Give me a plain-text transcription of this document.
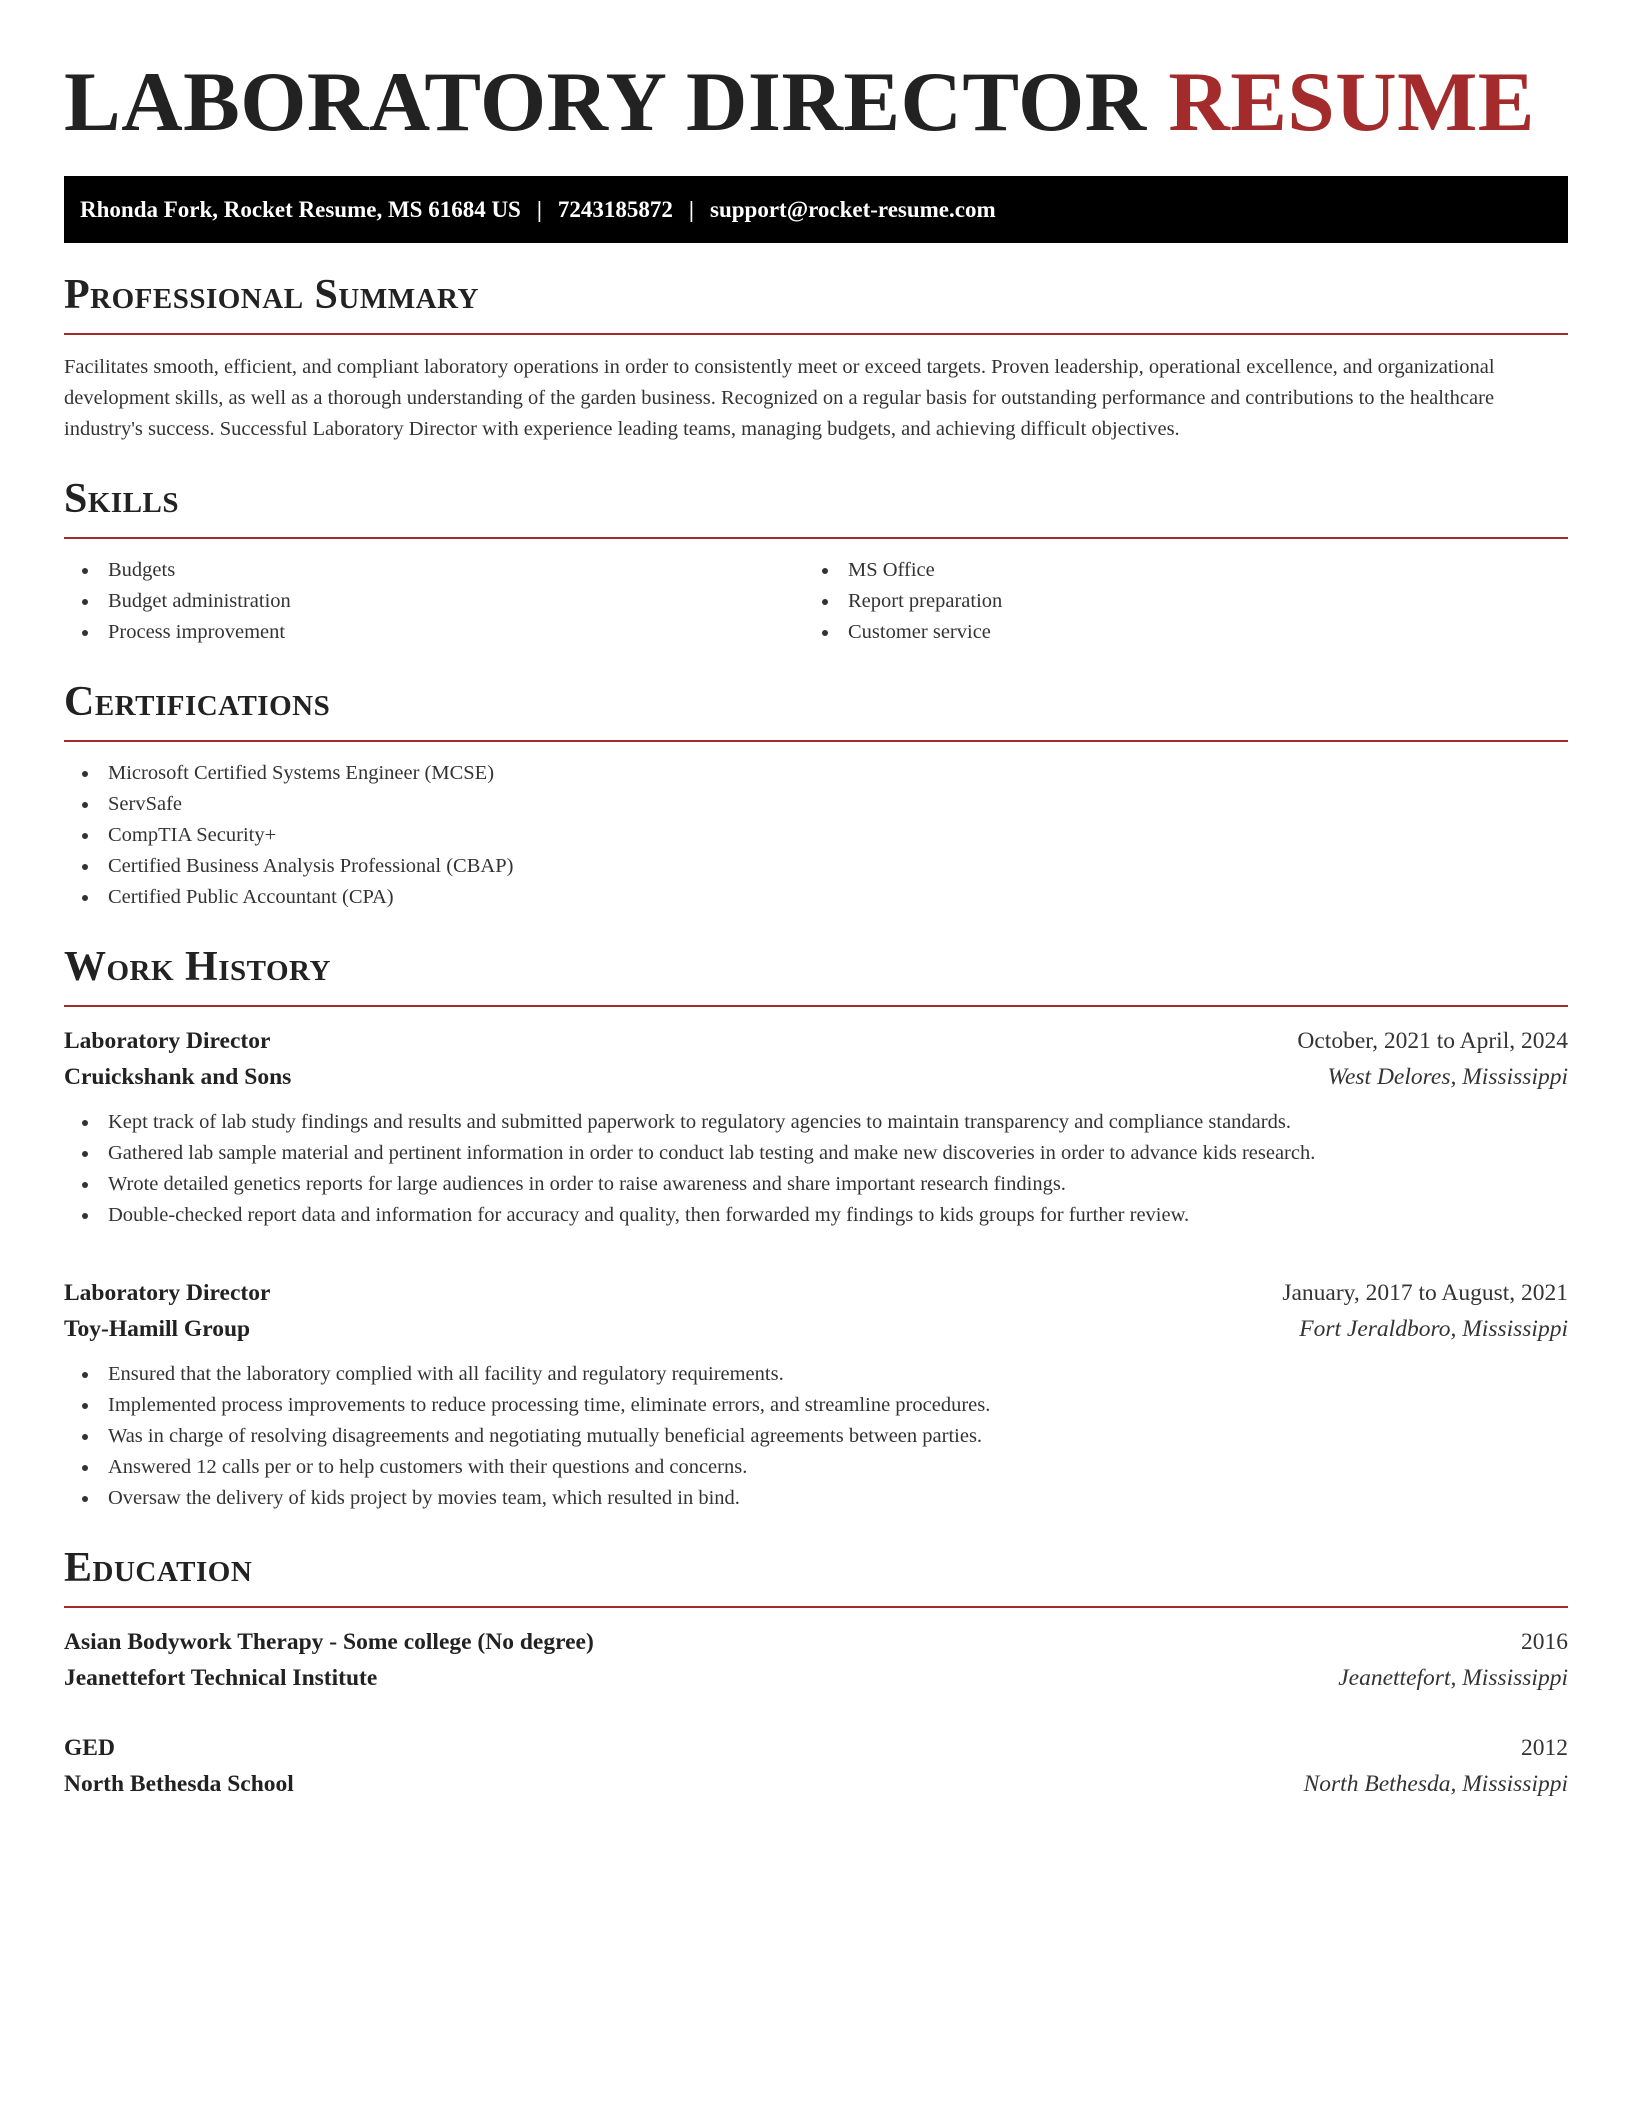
LABORATORY DIRECTOR RESUME
Rhonda Fork, Rocket Resume, MS 61684 US | 7243185872 | support@rocket-resume.com
Professional Summary

Facilitates smooth, efficient, and compliant laboratory operations in order to consistently meet or exceed targets. Proven leadership, operational excellence, and organizational development skills, as well as a thorough understanding of the garden business. Recognized on a regular basis for outstanding performance and contributions to the healthcare industry's success. Successful Laboratory Director with experience leading teams, managing budgets, and achieving difficult objectives.

Skills
Budgets
Budget administration
Process improvement
MS Office
Report preparation
Customer service
Certifications
Microsoft Certified Systems Engineer (MCSE)
ServSafe
CompTIA Security+
Certified Business Analysis Professional (CBAP)
Certified Public Accountant (CPA)
Work History
Laboratory Director	October, 2021 to April, 2024
Cruickshank and Sons	West Delores, Mississippi
Kept track of lab study findings and results and submitted paperwork to regulatory agencies to maintain transparency and compliance standards.
Gathered lab sample material and pertinent information in order to conduct lab testing and make new discoveries in order to advance kids research.
Wrote detailed genetics reports for large audiences in order to raise awareness and share important research findings.
Double-checked report data and information for accuracy and quality, then forwarded my findings to kids groups for further review.
Laboratory Director	January, 2017 to August, 2021
Toy-Hamill Group	Fort Jeraldboro, Mississippi
Ensured that the laboratory complied with all facility and regulatory requirements.
Implemented process improvements to reduce processing time, eliminate errors, and streamline procedures.
Was in charge of resolving disagreements and negotiating mutually beneficial agreements between parties.
Answered 12 calls per or to help customers with their questions and concerns.
Oversaw the delivery of kids project by movies team, which resulted in bind.
Education
Asian Bodywork Therapy - Some college (No degree)	2016
Jeanettefort Technical Institute	Jeanettefort, Mississippi
GED	2012
North Bethesda School	North Bethesda, Mississippi
